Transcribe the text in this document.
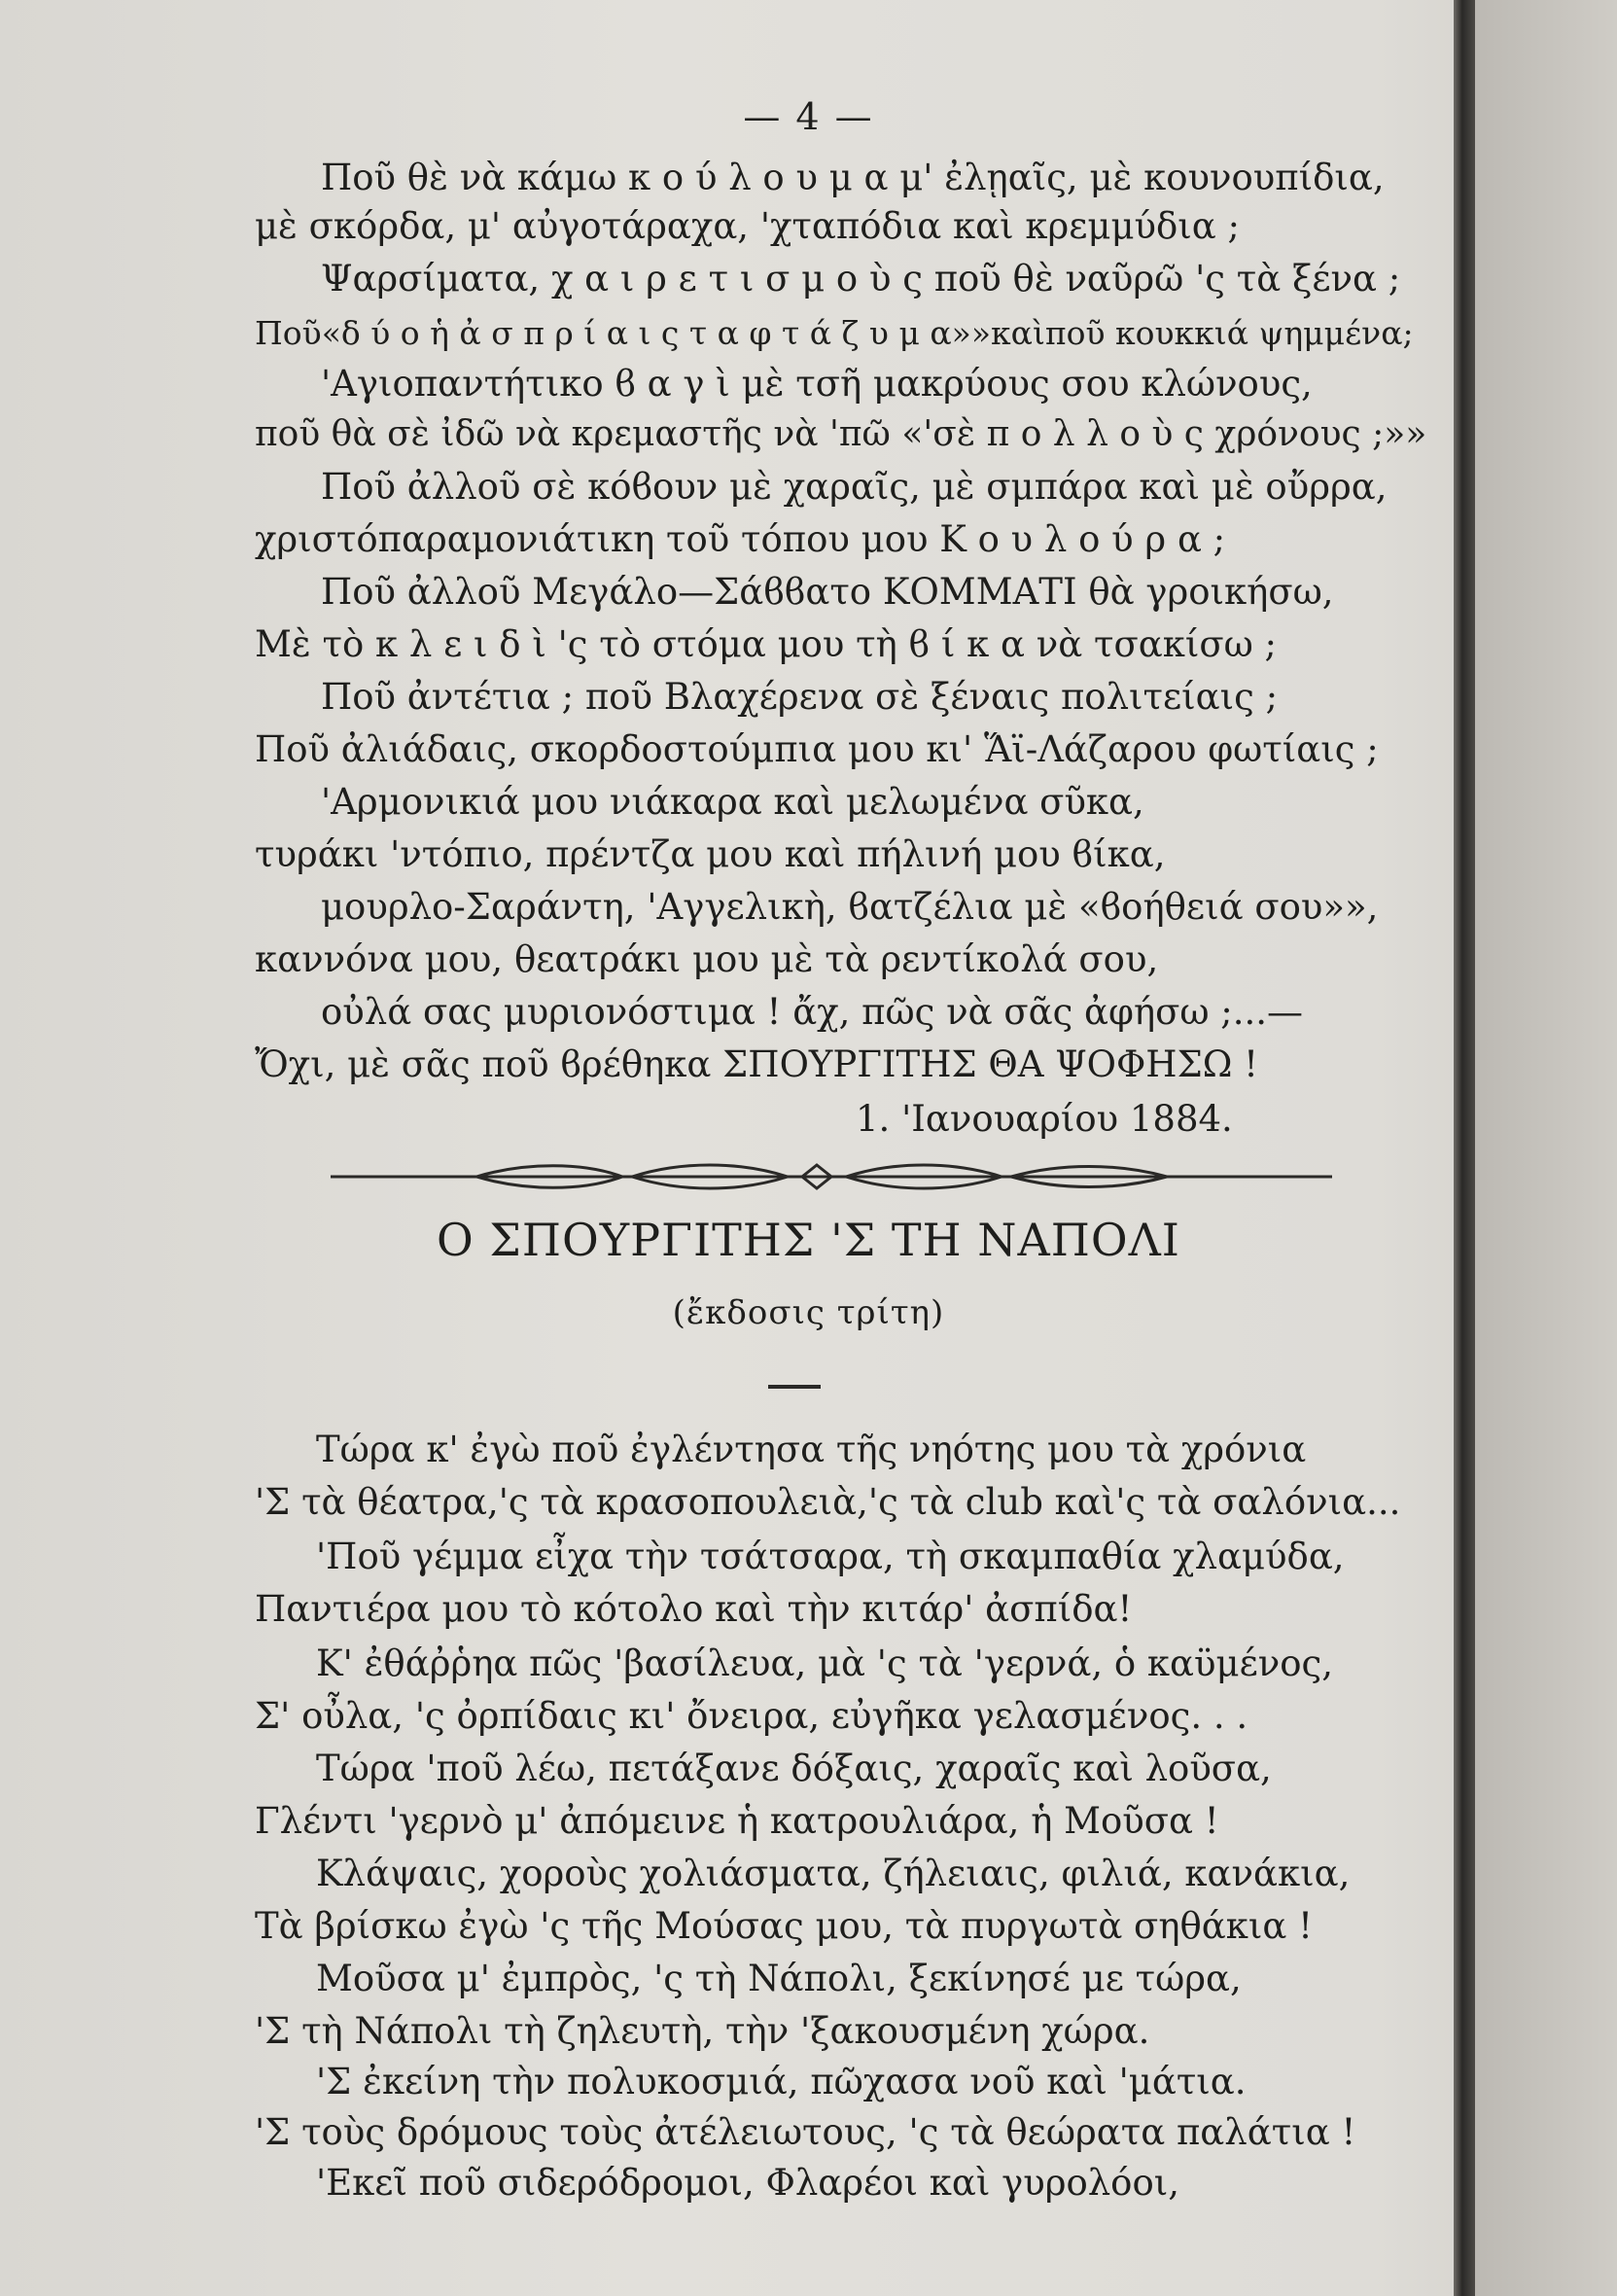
— 4 —
Ποῦ θὲ νὰ κάμω κ ο ύ λ ο υ μ α μ' ἐλῃαῖς, μὲ κουνουπίδια,
μὲ σκόρδα, μ' αὐγοτάραχα, 'χταπόδια καὶ κρεμμύδια ;
Ψαρσίματα, χ α ι ρ ε τ ι σ μ ο ὺ ς ποῦ θὲ ναῦρῶ 'ς τὰ ξένα ;
Ποῦ«δ ύ ο ἡ ἀ σ π ρ ί α ι ς τ α φ τ ά ζ υ μ α»»καὶποῦ κουκκιά ψημμένα;
'Αγιοπαντήτικο ϐ α γ ὶ μὲ τσῆ μακρύους σου κλώνους,
ποῦ θὰ σὲ ἰδῶ νὰ κρεμαστῆς νὰ 'πῶ «'σὲ π ο λ λ ο ὺ ς χρόνους ;»»
Ποῦ ἀλλοῦ σὲ κόϐουν μὲ χαραῖς, μὲ σμπάρα καὶ μὲ οὔρρα,
χριστόπαραμονιάτικη τοῦ τόπου μου Κ ο υ λ ο ύ ρ α ;
Ποῦ ἀλλοῦ Μεγάλο—Σάϐϐατο ΚΟΜΜΑΤΙ θὰ γροικήσω,
Μὲ τὸ κ λ ε ι δ ὶ 'ς τὸ στόμα μου τὴ ϐ ί κ α νὰ τσακίσω ;
Ποῦ ἀντέτια ; ποῦ Βλαχέρενα σὲ ξέναις πολιτείαις ;
Ποῦ ἀλιάδαις, σκορδοστούμπια μου κι' Ἅϊ-Λάζαρου φωτίαις ;
'Αρμονικιά μου νιάκαρα καὶ μελωμένα σῦκα,
τυράκι 'ντόπιο, πρέντζα μου καὶ πήλινή μου ϐίκα,
μουρλο-Σαράντη, 'Αγγελικὴ, ϐατζέλια μὲ «ϐοήθειά σου»»,
καννόνα μου, θεατράκι μου μὲ τὰ ρεντίκολά σου,
οὐλά σας μυριονόστιμα ! ἄχ, πῶς νὰ σᾶς ἀφήσω ;...—
Ὄχι, μὲ σᾶς ποῦ ϐρέθηκα ΣΠΟΥΡΓΙΤΗΣ ΘΑ ΨΟΦΗΣΩ !
1. 'Ιανουαρίου 1884.
Ο ΣΠΟΥΡΓΙΤΗΣ 'Σ ΤΗ ΝΑΠΟΛΙ
(ἔκδοσις τρίτη)
Τώρα κ' ἐγὼ ποῦ ἐγλέντησα τῆς νηότης μου τὰ χρόνια
'Σ τὰ θέατρα,'ς τὰ κρασοπουλειὰ,'ς τὰ club καὶ'ς τὰ σαλόνια...
'Ποῦ γέμμα εἶχα τὴν τσάτσαρα, τὴ σκαμπαθία χλαμύδα,
Παντιέρα μου τὸ κότολο καὶ τὴν κιτάρ' ἀσπίδα!
Κ' ἐθάῤῥηα πῶς 'βασίλευα, μὰ 'ς τὰ 'γερνά, ὁ καϋμένος,
Σ' οὖλα, 'ς ὀρπίδαις κι' ὄνειρα, εὐγῆκα γελασμένος. . .
Τώρα 'ποῦ λέω, πετάξανε δόξαις, χαραῖς καὶ λοῦσα,
Γλέντι 'γερνὸ μ' ἀπόμεινε ἡ κατρουλιάρα, ἡ Μοῦσα !
Κλάψαις, χοροὺς χολιάσματα, ζήλειαις, φιλιά, κανάκια,
Τὰ βρίσκω ἐγὼ 'ς τῆς Μούσας μου, τὰ πυργωτὰ σηθάκια !
Μοῦσα μ' ἐμπρὸς, 'ς τὴ Νάπολι, ξεκίνησέ με τώρα,
'Σ τὴ Νάπολι τὴ ζηλευτὴ, τὴν 'ξακουσμένη χώρα.
'Σ ἐκείνη τὴν πολυκοσμιά, πῶχασα νοῦ καὶ 'μάτια.
'Σ τοὺς δρόμους τοὺς ἀτέλειωτους, 'ς τὰ θεώρατα παλάτια !
'Εκεῖ ποῦ σιδερόδρομοι, Φλαρέοι καὶ γυρολόοι,
